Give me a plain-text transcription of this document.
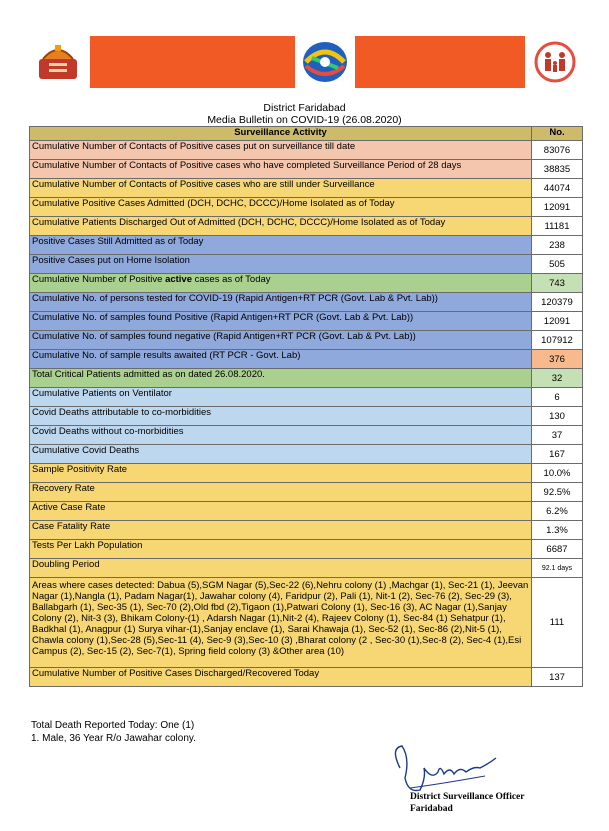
District Faridabad
Media Bulletin on COVID-19 (26.08.2020)
Surveillance Activity	No.
Cumulative Number of Contacts of Positive cases put on surveillance till date	83076
Cumulative Number of Contacts of Positive cases who have completed Surveillance Period of 28 days	38835
Cumulative Number of Contacts of Positive cases who are still under Surveillance	44074
Cumulative Positive Cases Admitted (DCH, DCHC, DCCC)/Home Isolated as of Today	12091
Cumulative Patients Discharged Out of Admitted (DCH, DCHC, DCCC)/Home Isolated as of Today	11181
Positive Cases Still Admitted as of Today	238
Positive Cases put on Home Isolation	505
Cumulative Number of Positive active cases as of Today	743
Cumulative No. of persons tested for COVID-19 (Rapid Antigen+RT PCR (Govt. Lab & Pvt. Lab))	120379
Cumulative No. of samples found Positive (Rapid Antigen+RT PCR (Govt. Lab & Pvt. Lab))	12091
Cumulative No. of samples found negative (Rapid Antigen+RT PCR (Govt. Lab & Pvt. Lab))	107912
Cumulative No. of sample results awaited (RT PCR - Govt. Lab)	376
Total Critical Patients admitted as on dated 26.08.2020.	32
Cumulative Patients on Ventilator	6
Covid Deaths attributable to co-morbidities	130
Covid Deaths without co-morbidities	37
Cumulative Covid Deaths	167
Sample Positivity Rate	10.0%
Recovery Rate	92.5%
Active Case Rate	6.2%
Case Fatality Rate	1.3%
Tests Per Lakh Population	6687
Doubling Period	92.1 days
Areas where cases detected: Dabua (5),SGM Nagar (5),Sec-22 (6),Nehru colony (1) ,Machgar (1), Sec-21 (1), Jeevan Nagar (1),Nangla (1), Padam Nagar(1), Jawahar colony (4), Faridpur (2), Pali (1), Nit-1 (2), Sec-76 (2), Sec-29 (3), Ballabgarh (1), Sec-35 (1), Sec-70 (2),Old fbd (2),Tigaon (1),Patwari Colony (1), Sec-16 (3), AC Nagar (1),Sanjay Colony (2), Nit-3 (3), Bhikam Colony-(1) , Adarsh Nagar (1),Nit-2 (4), Rajeev Colony (1), Sec-84 (1) Sehatpur (1), Badkhal (1), Anagpur (1) Surya vihar-(1),Sanjay enclave (1), Sarai Khawaja (1), Sec-52 (1), Sec-86 (2),Nit-5 (1), Chawla colony (1),Sec-28 (5),Sec-11 (4), Sec-9 (3),Sec-10 (3) ,Bharat colony (2 , Sec-30 (1),Sec-8 (2), Sec-4 (1),Esi Campus (2), Sec-15 (2), Sec-7(1), Spring field colony (3) &Other area (10)	111
Cumulative Number of Positive Cases Discharged/Recovered Today	137
Total Death Reported Today: One (1)
1. Male, 36 Year R/o Jawahar colony.
District Surveillance Officer
Faridabad
